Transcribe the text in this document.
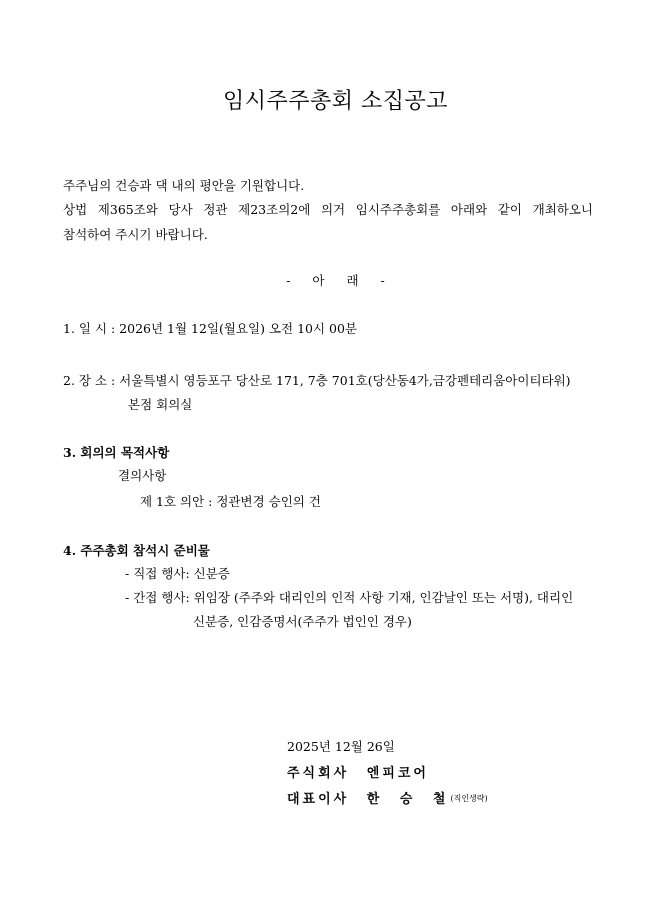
임시주주총회 소집공고
주주님의 건승과 댁 내의 평안을 기원합니다.
상법 제365조와 당사 정관 제23조의2에 의거 임시주주총회를 아래와 같이 개최하오니
참석하여 주시기 바랍니다.
- 아 래 -
1. 일 시 : 2026년 1월 12일(월요일) 오전 10시 00분
2. 장 소 : 서울특별시 영등포구 당산로 171, 7층 701호(당산동4가,금강펜테리움아이티타워)
본점 회의실
3. 회의의 목적사항
결의사항
제 1호 의안 : 정관변경 승인의 건
4. 주주총회 참석시 준비물
- 직접 행사: 신분증
- 간접 행사: 위임장 (주주와 대리인의 인적 사항 기재, 인감날인 또는 서명), 대리인
신분증, 인감증명서(주주가 법인인 경우)
2025년 12월 26일
주식회사 엔피코어
대표이사 한 승 철 (직인생략)
